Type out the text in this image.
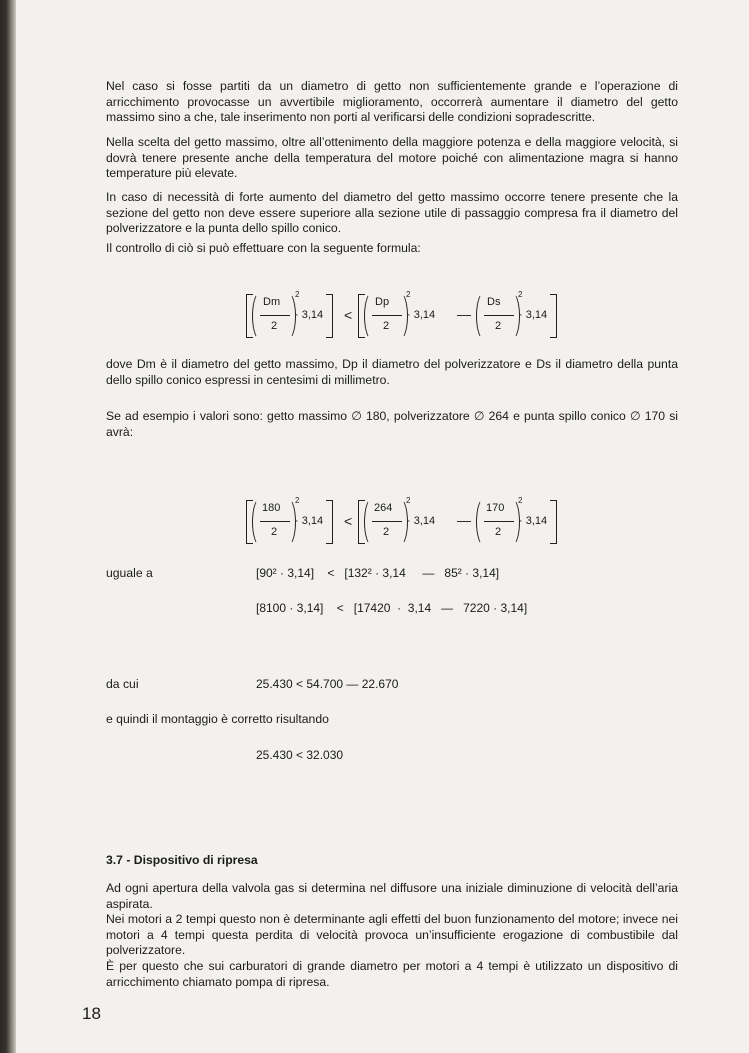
Nel caso si fosse partiti da un diametro di getto non sufficientemente grande e l’operazione di arricchimento provocasse un avvertibile miglioramento, occorrerà aumentare il diametro del getto massimo sino a che, tale inserimento non porti al verificarsi delle condizioni sopradescritte.

Nella scelta del getto massimo, oltre all’ottenimento della maggiore potenza e della maggiore velocità, si dovrà tenere presente anche della temperatura del motore poiché con alimentazione magra si hanno temperature più elevate.

In caso di necessità di forte aumento del diametro del getto massimo occorre tenere presente che la sezione del getto non deve essere superiore alla sezione utile di passaggio compresa fra il diametro del polverizzatore e la punta dello spillo conico.

Il controllo di ciò si può effettuare con la seguente formula:

Dm
2
2
· 3,14 <
Dp
2
2
· 3,14 —
Ds
2
2
· 3,14

dove Dm è il diametro del getto massimo, Dp il diametro del polverizzatore e Ds il diametro della punta dello spillo conico espressi in centesimi di millimetro.

Se ad esempio i valori sono: getto massimo ∅ 180, polverizzatore ∅ 264 e punta spillo conico ∅ 170 si avrà:

180
2
2
· 3,14 <
264
2
2
· 3,14 —
170
2
2
· 3,14
uguale a	[90² · 3,14]    <   [132² · 3,14     —   85² · 3,14]
[8100 · 3,14]    <   [17420  ·  3,14   —   7220 · 3,14]
da cui	25.430 < 54.700 — 22.670
e quindi il montaggio è corretto risultando
25.430 < 32.030
3.7 - Dispositivo di ripresa

Ad ogni apertura della valvola gas si determina nel diffusore una iniziale diminuzione di velocità dell’aria aspirata.

Nei motori a 2 tempi questo non è determinante agli effetti del buon funzionamento del motore; invece nei motori a 4 tempi questa perdita di velocità provoca un’insufficiente erogazione di combustibile dal polverizzatore.

È per questo che sui carburatori di grande diametro per motori a 4 tempi è utilizzato un dispositivo di arricchimento chiamato pompa di ripresa.

18
